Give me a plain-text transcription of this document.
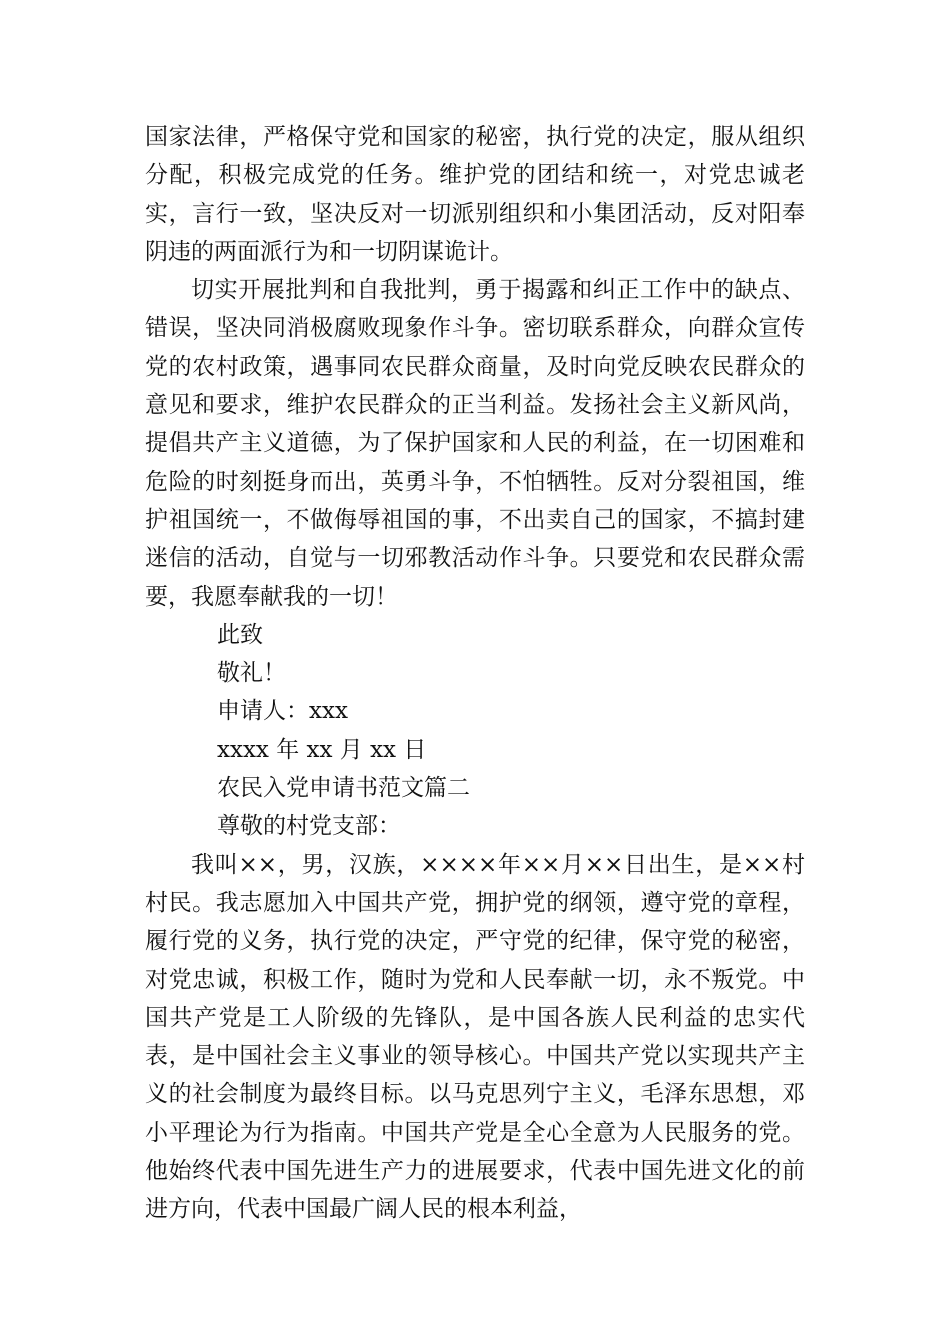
国家法律，严格保守党和国家的秘密，执行党的决定，服从组织分配，积极完成党的任务。维护党的团结和统一，对党忠诚老实，言行一致，坚决反对一切派别组织和小集团活动，反对阳奉阴违的两面派行为和一切阴谋诡计。

切实开展批判和自我批判，勇于揭露和纠正工作中的缺点、错误，坚决同消极腐败现象作斗争。密切联系群众，向群众宣传党的农村政策，遇事同农民群众商量，及时向党反映农民群众的意见和要求，维护农民群众的正当利益。发扬社会主义新风尚，提倡共产主义道德，为了保护国家和人民的利益，在一切困难和危险的时刻挺身而出，英勇斗争，不怕牺牲。反对分裂祖国，维护祖国统一，不做侮辱祖国的事，不出卖自己的国家，不搞封建迷信的活动，自觉与一切邪教活动作斗争。只要党和农民群众需要，我愿奉献我的一切！

此致

敬礼！

申请人：xxx

xxxx 年 xx 月 xx 日

农民入党申请书范文篇二

尊敬的村党支部：

我叫××，男，汉族，××××年××月××日出生，是××村村民。我志愿加入中国共产党，拥护党的纲领，遵守党的章程，履行党的义务，执行党的决定，严守党的纪律，保守党的秘密，对党忠诚，积极工作，随时为党和人民奉献一切，永不叛党。中国共产党是工人阶级的先锋队，是中国各族人民利益的忠实代表，是中国社会主义事业的领导核心。中国共产党以实现共产主义的社会制度为最终目标。以马克思列宁主义，毛泽东思想，邓小平理论为行为指南。中国共产党是全心全意为人民服务的党。他始终代表中国先进生产力的进展要求，代表中国先进文化的前进方向，代表中国最广阔人民的根本利益，
